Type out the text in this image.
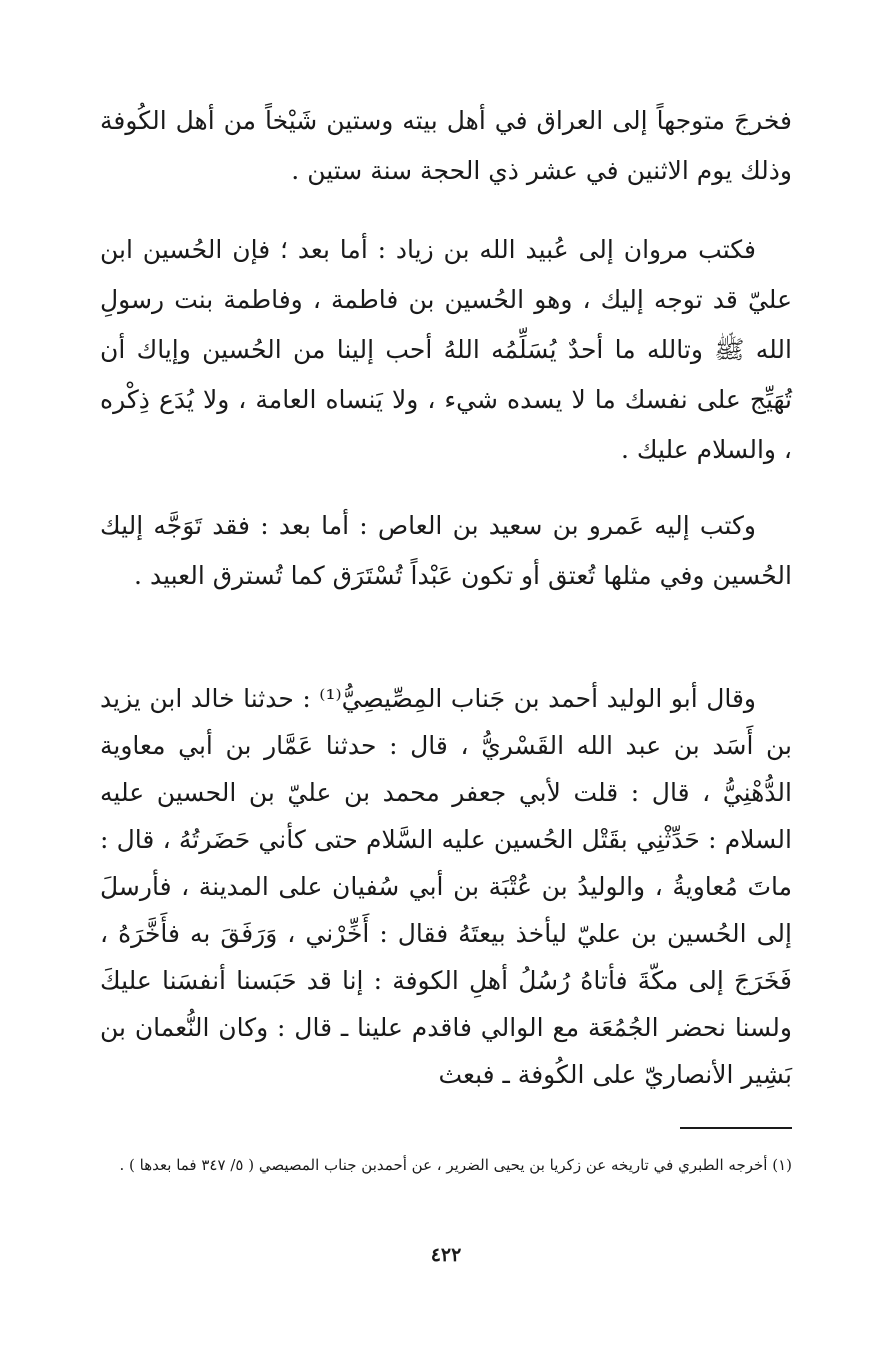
فخرجَ متوجهاً إلى العراق في أهل بيته وستين شَيْخاً من أهل الكُوفة وذلك يوم الاثنين في عشر ذي الحجة سنة ستين .

فكتب مروان إلى عُبيد الله بن زياد : أما بعد ؛ فإن الحُسين ابن عليّ قد توجه إليك ، وهو الحُسين بن فاطمة ، وفاطمة بنت رسولِ الله ﷺ وتالله ما أحدٌ يُسَلِّمُه اللهُ أحب إلينا من الحُسين وإياك أن تُهَيِّج على نفسك ما لا يسده شيء ، ولا يَنساه العامة ، ولا يُدَع ذِكْره ، والسلام عليك .

وكتب إليه عَمرو بن سعيد بن العاص : أما بعد : فقد تَوَجَّه إليك الحُسين وفي مثلها تُعتق أو تكون عَبْداً تُسْتَرَق كما تُسترق العبيد .

وقال أبو الوليد أحمد بن جَناب المِصِّيصِيُّ⁽¹⁾ : حدثنا خالد ابن يزيد بن أَسَد بن عبد الله القَسْريُّ ، قال : حدثنا عَمَّار بن أبي معاوية الدُّهْنِيُّ ، قال : قلت لأبي جعفر محمد بن عليّ بن الحسين عليه السلام : حَدِّثْنِي بقَتْل الحُسين عليه السَّلام حتى كأني حَضَرتُهُ ، قال : ماتَ مُعاويةُ ، والوليدُ بن عُتْبَة بن أبي سُفيان على المدينة ، فأرسلَ إلى الحُسين بن عليّ ليأخذ بيعتَهُ فقال : أَخِّرْني ، وَرَفَقَ به فأَخَّرَهُ ، فَخَرَجَ إلى مكّةَ فأتاهُ رُسُلُ أهلِ الكوفة : إنا قد حَبَسنا أنفسَنا عليكَ ولسنا نحضر الجُمُعَة مع الوالي فاقدم علينا ـ قال : وكان النُّعمان بن بَشِير الأنصاريّ على الكُوفة ـ فبعث

(١) أخرجه الطبري في تاريخه عن زكريا بن يحيى الضرير ، عن أحمدبن جناب المصيصي ( ٥/ ٣٤٧ فما بعدها ) .

٤٢٢
